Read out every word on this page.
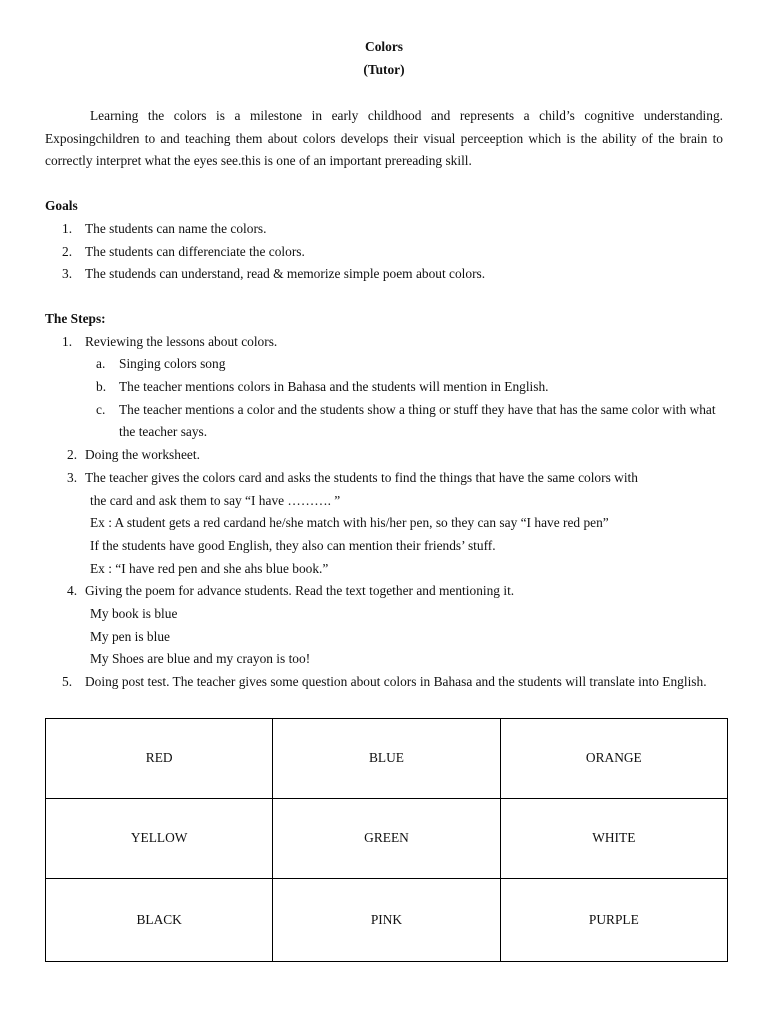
Colors

(Tutor)

Learning the colors is a milestone in early childhood and represents a child’s cognitive understanding. Exposingchildren to and teaching them about colors develops their visual perceeption which is the ability of the brain to correctly interpret what the eyes see.this is one of an important prereading skill.

Goals

1. The students can name the colors.
2. The students can differenciate the colors.
3. The studends can understand, read & memorize simple poem about colors.

The Steps:

1. Reviewing the lessons about colors.
a. Singing colors song
b. The teacher mentions colors in Bahasa and the students will mention in English.
c. The teacher mentions a color and the students show a thing or stuff they have that has the same color with what the teacher says.
2. Doing the worksheet.
3. The teacher gives the colors card and asks the students to find the things that have the same colors with
the card and ask them to say “I have ………. ”
Ex : A student gets a red cardand he/she match with his/her pen, so they can say “I have red pen”
If the students have good English, they also can mention their friends’ stuff.
Ex : “I have red pen and she ahs blue book.”
4. Giving the poem for advance students. Read the text together and mentioning it.
My book is blue
My pen is blue
My Shoes are blue and my crayon is too!
5. Doing post test. The teacher gives some question about colors in Bahasa and the students will translate into English.
RED	BLUE	ORANGE
YELLOW	GREEN	WHITE
BLACK	PINK	PURPLE
